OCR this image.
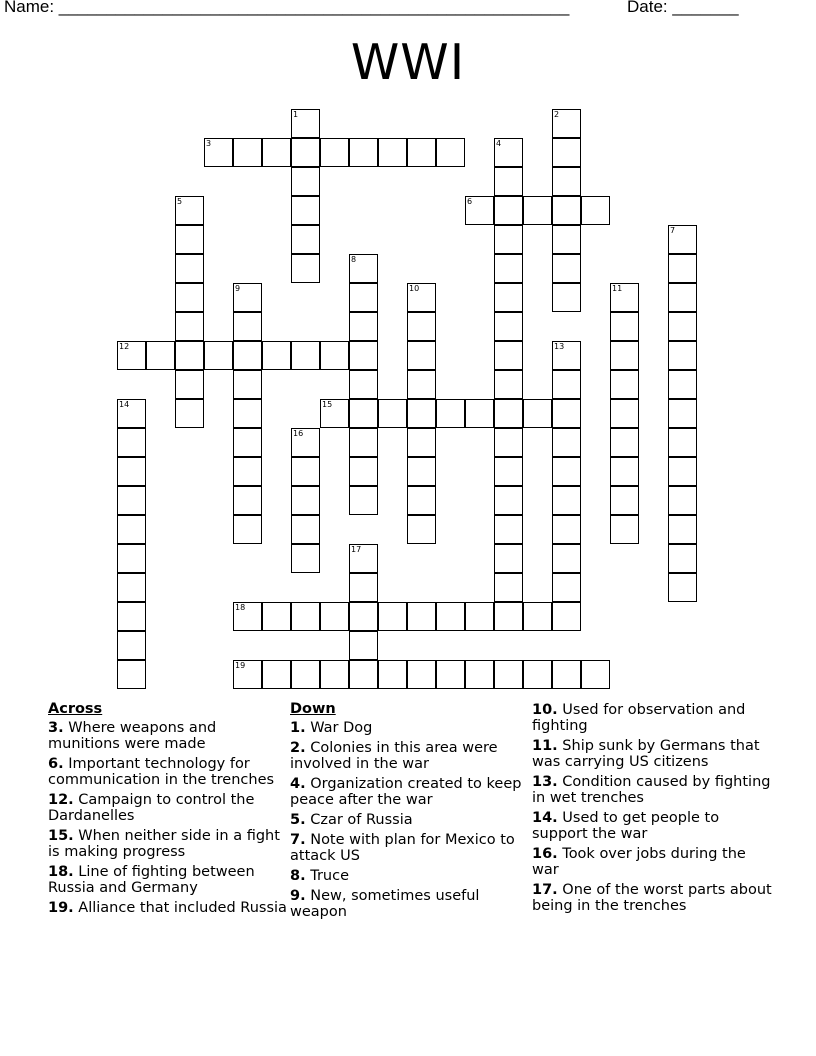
Name: ______________________________________________________	Date: _______
WWI
3
6
12
15
18
19
1	2
4
5
7
8
9	10	11
13
14
16
17
Across
3. Where weapons and munitions were made
6. Important technology for communication in the trenches
12. Campaign to control the Dardanelles
15. When neither side in a fight is making progress
18. Line of fighting between Russia and Germany
19. Alliance that included Russia
Down
1. War Dog
2. Colonies in this area were involved in the war
4. Organization created to keep peace after the war
5. Czar of Russia
7. Note with plan for Mexico to attack US
8. Truce
9. New, sometimes useful weapon
10. Used for observation and fighting
11. Ship sunk by Germans that was carrying US citizens
13. Condition caused by fighting in wet trenches
14. Used to get people to support the war
16. Took over jobs during the war
17. One of the worst parts about being in the trenches
